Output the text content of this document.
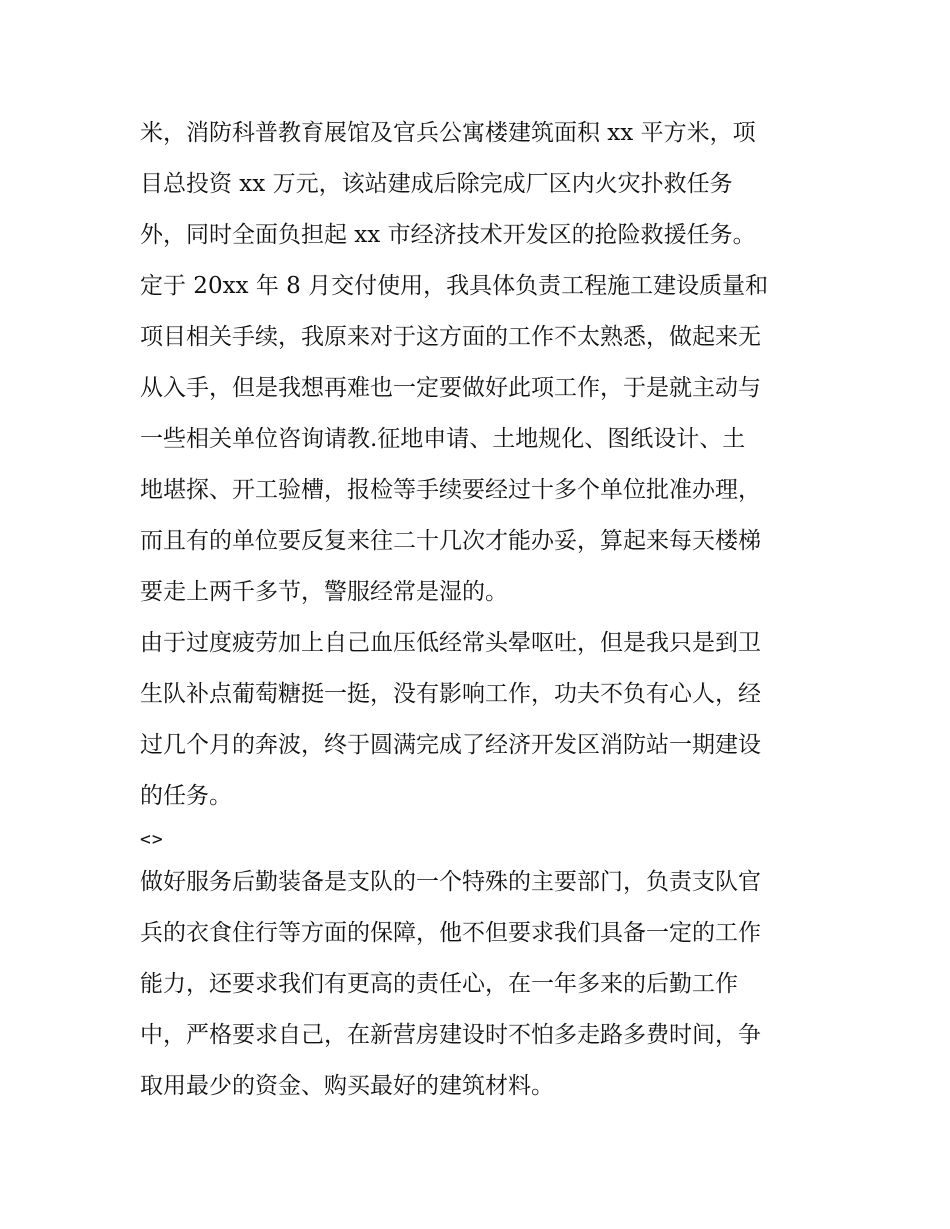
米，消防科普教育展馆及官兵公寓楼建筑面积 xx 平方米，项
目总投资 xx 万元，该站建成后除完成厂区内火灾扑救任务
外，同时全面负担起 xx 市经济技术开发区的抢险救援任务。

定于 20xx 年 8 月交付使用，我具体负责工程施工建设质量和
项目相关手续，我原来对于这方面的工作不太熟悉，做起来无
从入手，但是我想再难也一定要做好此项工作，于是就主动与
一些相关单位咨询请教.征地申请、土地规化、图纸设计、土
地堪探、开工验槽，报检等手续要经过十多个单位批准办理，
而且有的单位要反复来往二十几次才能办妥，算起来每天楼梯
要走上两千多节，警服经常是湿的。

由于过度疲劳加上自己血压低经常头晕呕吐，但是我只是到卫
生队补点葡萄糖挺一挺，没有影响工作，功夫不负有心人，经
过几个月的奔波，终于圆满完成了经济开发区消防站一期建设
的任务。

<>

做好服务后勤装备是支队的一个特殊的主要部门，负责支队官
兵的衣食住行等方面的保障，他不但要求我们具备一定的工作
能力，还要求我们有更高的责任心，在一年多来的后勤工作
中，严格要求自己，在新营房建设时不怕多走路多费时间，争
取用最少的资金、购买最好的建筑材料。
